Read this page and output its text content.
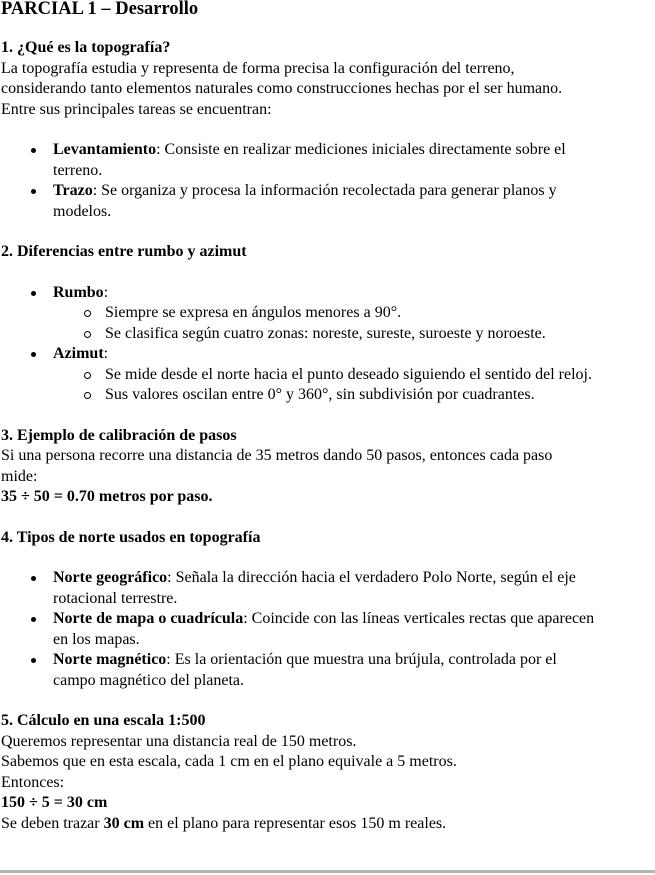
PARCIAL 1 – Desarrollo

1. ¿Qué es la topografía?

La topografía estudia y representa de forma precisa la configuración del terreno,

considerando tanto elementos naturales como construcciones hechas por el ser humano.

Entre sus principales tareas se encuentran:

Levantamiento: Consiste en realizar mediciones iniciales directamente sobre el
terreno.
Trazo: Se organiza y procesa la información recolectada para generar planos y
modelos.

2. Diferencias entre rumbo y azimut

Rumbo:
Siempre se expresa en ángulos menores a 90°.
Se clasifica según cuatro zonas: noreste, sureste, suroeste y noroeste.
Azimut:
Se mide desde el norte hacia el punto deseado siguiendo el sentido del reloj.
Sus valores oscilan entre 0° y 360°, sin subdivisión por cuadrantes.

3. Ejemplo de calibración de pasos

Si una persona recorre una distancia de 35 metros dando 50 pasos, entonces cada paso

mide:

35 ÷ 50 = 0.70 metros por paso.

4. Tipos de norte usados en topografía

Norte geográfico: Señala la dirección hacia el verdadero Polo Norte, según el eje
rotacional terrestre.
Norte de mapa o cuadrícula: Coincide con las líneas verticales rectas que aparecen
en los mapas.
Norte magnético: Es la orientación que muestra una brújula, controlada por el
campo magnético del planeta.

5. Cálculo en una escala 1:500

Queremos representar una distancia real de 150 metros.

Sabemos que en esta escala, cada 1 cm en el plano equivale a 5 metros.

Entonces:

150 ÷ 5 = 30 cm

Se deben trazar 30 cm en el plano para representar esos 150 m reales.
